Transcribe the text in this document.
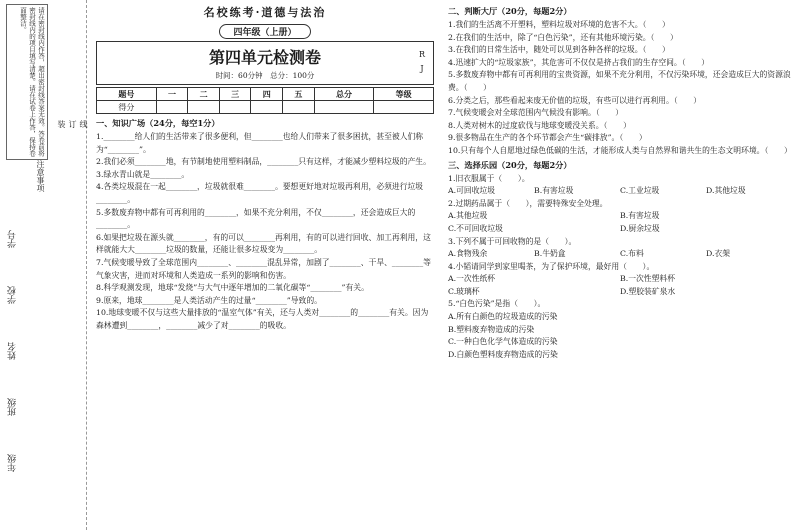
请在密封线内作答，超出密封线答案无效。答卷前将密封线内的项目填写清楚。请在试卷上作答，保持卷面整洁。
注意事项
学号
学校
姓名
班级
年级
线
订
装
名校练考·道德与法治
四年级（上册）
第四单元检测卷
时间：60分钟　总分：100分
R
J
题号	一	二	三	四	五	总分	等级
得分							
一、知识广场（24分，每空1分）
1.________给人们的生活带来了很多便利，但________也给人们带来了很多困扰，甚至被人们称为“________”。
2.我们必须________地，有节制地使用塑料制品，________只有这样，才能减少塑料垃圾的产生。
3.绿水青山就是________。
4.各类垃圾混在一起________，垃圾就很难________。要想更好地对垃圾再利用，必须进行垃圾________。
5.多数废弃物中都有可再利用的________，如果不充分利用，不仅________，还会造成巨大的________。
6.如果把垃圾在源头就________，有的可以________再利用，有的可以进行回收、加工再利用，这样就能大大________垃圾的数量，还能让很多垃圾变为________。
7.气候变暖导致了全球范围内________、________混乱异常，加剧了________、干旱、________等气象灾害，进而对环境和人类造成一系列的影响和伤害。
8.科学观测发现，地球“发烧”与大气中逐年增加的二氧化碳等“________”有关。
9.原来，地球________是人类活动产生的过量“________”导致的。
10.地球变暖不仅与这些大量排放的“温室气体”有关，还与人类对________的________有关。因为森林遭到________，________减少了对________的吸收。
二、判断大厅（20分，每题2分）
1.我们的生活离不开塑料，塑料垃圾对环境的危害不大。（　　）
2.在我们的生活中，除了“白色污染”，还有其他环境污染。（　　）
3.在我们的日常生活中，随处可以见到各种各样的垃圾。（　　）
4.迅速扩大的“垃圾家族”，其危害可不仅仅是挤占我们的生存空间。（　　）
5.多数废弃物中都有可再利用的宝贵资源，如果不充分利用，不仅污染环境，还会造成巨大的资源浪费。（　　）
6.分类之后，那些看起来废无价值的垃圾，有些可以进行再利用。（　　）
7.气候变暖会对全球范围内气候没有影响。（　　）
8.人类对树木的过度砍伐与地球变暖没关系。（　　）
9.很多物品在生产的各个环节都会产生“碳排放”。（　　）
10.只有每个人自愿地过绿色低碳的生活，才能形成人类与自然界和谐共生的生态文明环境。（　　）
三、选择乐园（20分，每题2分）
1.旧衣服属于（　　）。
A.可回收垃圾	B.有害垃圾	C.工业垃圾	D.其他垃圾
2.过期药品属于（　　），需要特殊安全处理。
A.其他垃圾	B.有害垃圾
C.不可回收垃圾	D.厨余垃圾
3.下列不属于可回收物的是（　　）。
A.食物残余	B.牛奶盒	C.布料	D.衣架
4.小韬请同学到家里喝茶，为了保护环境，最好用（　　）。
A.一次性纸杯	B.一次性塑料杯
C.玻璃杯	D.塑胶装矿泉水
5.“白色污染”是指（　　）。
A.所有白颜色的垃圾造成的污染
B.塑料废弃物造成的污染
C.一种白色化学气体造成的污染
D.白颜色塑料废弃物造成的污染
